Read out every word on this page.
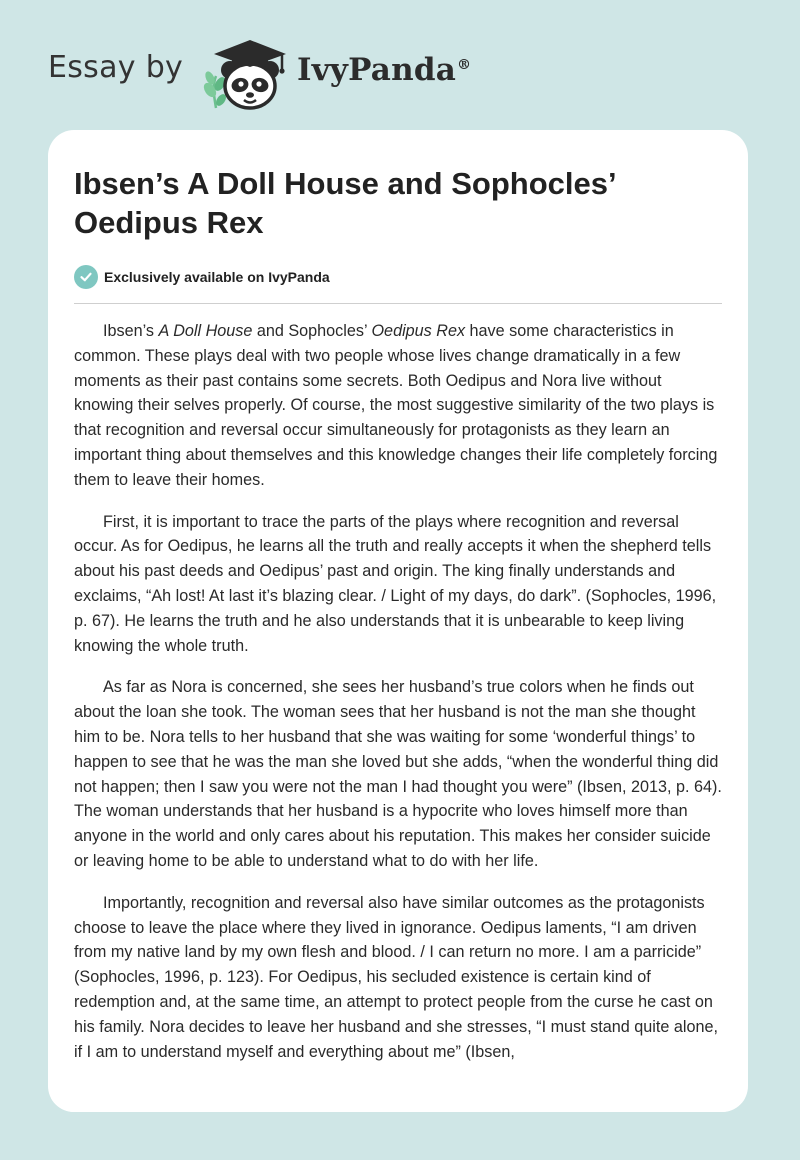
Essay by	IvyPanda®
Ibsen’s A Doll House and Sophocles’ Oedipus Rex
Exclusively available on IvyPanda

Ibsen’s A Doll House and Sophocles’ Oedipus Rex have some characteristics in common. These plays deal with two people whose lives change dramatically in a few moments as their past contains some secrets. Both Oedipus and Nora live without knowing their selves properly. Of course, the most suggestive similarity of the two plays is that recognition and reversal occur simultaneously for protagonists as they learn an important thing about themselves and this knowledge changes their life completely forcing them to leave their homes.

First, it is important to trace the parts of the plays where recognition and reversal occur. As for Oedipus, he learns all the truth and really accepts it when the shepherd tells about his past deeds and Oedipus’ past and origin. The king finally understands and exclaims, “Ah lost! At last it’s blazing clear. / Light of my days, do dark”. (Sophocles, 1996, p. 67). He learns the truth and he also understands that it is unbearable to keep living knowing the whole truth.

As far as Nora is concerned, she sees her husband’s true colors when he finds out about the loan she took. The woman sees that her husband is not the man she thought him to be. Nora tells to her husband that she was waiting for some ‘wonderful things’ to happen to see that he was the man she loved but she adds, “when the wonderful thing did not happen; then I saw you were not the man I had thought you were” (Ibsen, 2013, p. 64). The woman understands that her husband is a hypocrite who loves himself more than anyone in the world and only cares about his reputation. This makes her consider suicide or leaving home to be able to understand what to do with her life.

Importantly, recognition and reversal also have similar outcomes as the protagonists choose to leave the place where they lived in ignorance. Oedipus laments, “I am driven from my native land by my own flesh and blood. / I can return no more. I am a parricide” (Sophocles, 1996, p. 123). For Oedipus, his secluded existence is certain kind of redemption and, at the same time, an attempt to protect people from the curse he cast on his family. Nora decides to leave her husband and she stresses, “I must stand quite alone, if I am to understand myself and everything about me” (Ibsen,
